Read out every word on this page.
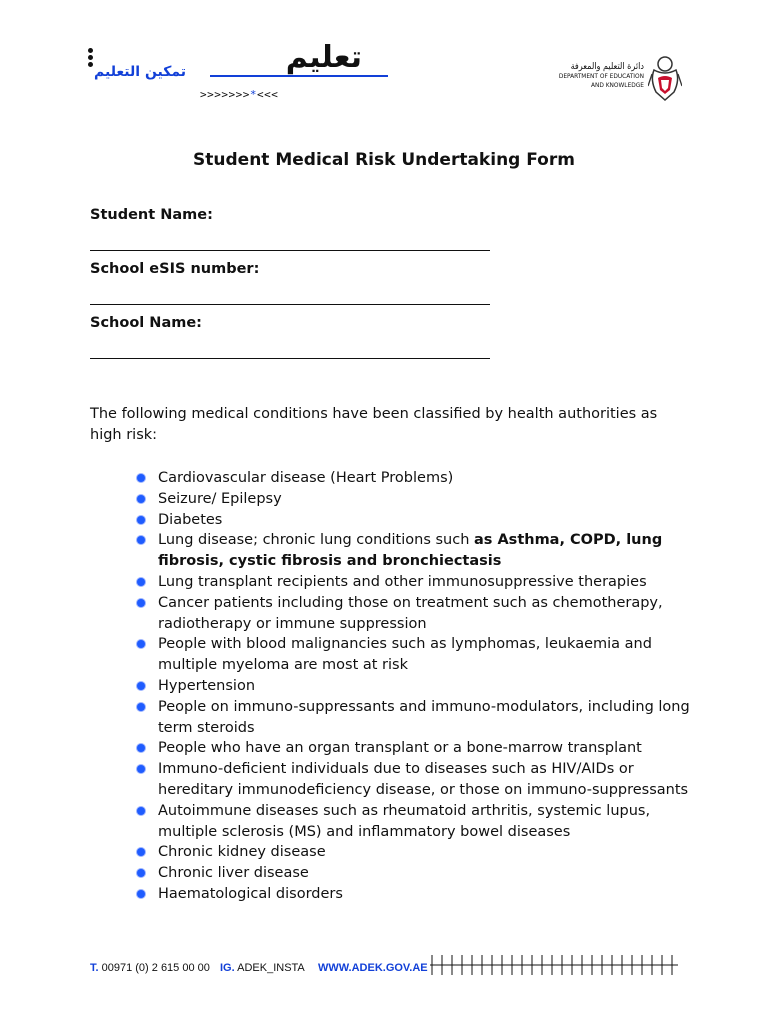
تمكين التعليم
>>>>>>>*<<<
تعليم	دائرة التعليم والمعرفة
DEPARTMENT OF EDUCATION
AND KNOWLEDGE
Student Medical Risk Undertaking Form
Student Name:
School eSIS number:
School Name:
The following medical conditions have been classified by health authorities as high risk:
Cardiovascular disease (Heart Problems)
Seizure/ Epilepsy
Diabetes
Lung disease; chronic lung conditions such as Asthma, COPD, lung fibrosis, cystic fibrosis and bronchiectasis
Lung transplant recipients and other immunosuppressive therapies
Cancer patients including those on treatment such as chemotherapy, radiotherapy or immune suppression
People with blood malignancies such as lymphomas, leukaemia and multiple myeloma are most at risk
Hypertension
People on immuno-suppressants and immuno-modulators, including long term steroids
People who have an organ transplant or a bone-marrow transplant
Immuno-deficient individuals due to diseases such as HIV/AIDs or hereditary immunodeficiency disease, or those on immuno-suppressants
Autoimmune diseases such as rheumatoid arthritis, systemic lupus, multiple sclerosis (MS) and inflammatory bowel diseases
Chronic kidney disease
Chronic liver disease
Haematological disorders
T. 00971 (0) 2 615 00 00 IG. ADEK_INSTA WWW.ADEK.GOV.AE
